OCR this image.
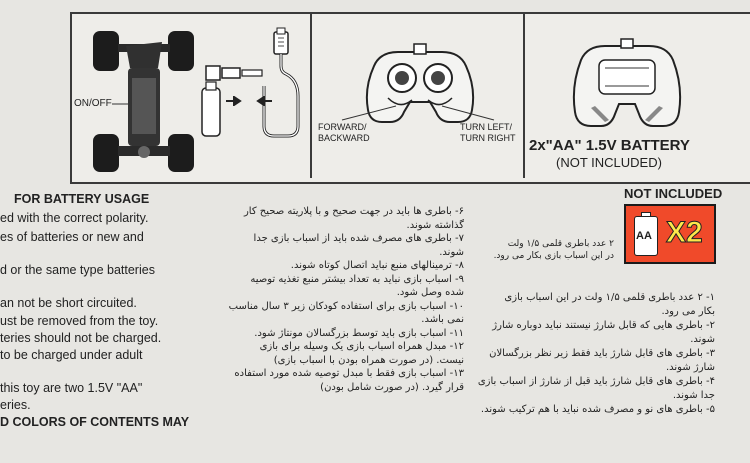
ON/OFF
FORWARD/
BACKWARD
TURN LEFT/
TURN RIGHT 2x"AA" 1.5V BATTERY
(NOT INCLUDED)
FOR BATTERY USAGE
ed with the correct polarity.
es of batteries or new and
d or the same type batteries
an not be short circuited.
ust be removed from the toy.
teries should not be charged.
to be charged under adult
this toy are two 1.5V "AA"
eries.
D COLORS OF CONTENTS MAY
۶- باطری ها باید در جهت صحیح و با پلاریته صحیح کار
گذاشته شوند.
۷- باطری های مصرف شده باید از اسباب بازی جدا
شوند.
۸- ترمینالهای منبع نباید اتصال کوتاه شوند.
۹- اسباب بازی نباید به تعداد بیشتر منبع تغذیه توصیه
شده وصل شود.
۱۰- اسباب بازی برای استفاده کودکان زیر ۳ سال مناسب
نمی باشد.
۱۱- اسباب بازی باید توسط بزرگسالان مونتاژ شود.
۱۲- مبدل همراه اسباب بازی یک وسیله برای بازی
نیست. (در صورت همراه بودن با اسباب بازی)
۱۳- اسباب بازی فقط با مبدل توصیه شده مورد استفاده
قرار گیرد. (در صورت شامل بودن)
۲ عدد باطری قلمی ۱/۵ ولت
در این اسباب بازی بکار می رود.
NOT INCLUDED
AA X2
۱- ۲ عدد باطری قلمی ۱/۵ ولت در این اسباب بازی
بکار می رود.
۲- باطری هایی که قابل شارژ نیستند نباید دوباره شارژ
شوند.
۳- باطری های قابل شارژ باید فقط زیر نظر بزرگسالان
شارژ شوند.
۴- باطری های قابل شارژ باید قبل از شارژ از اسباب بازی
جدا شوند.
۵- باطری های نو و مصرف شده نباید با هم ترکیب شوند.
